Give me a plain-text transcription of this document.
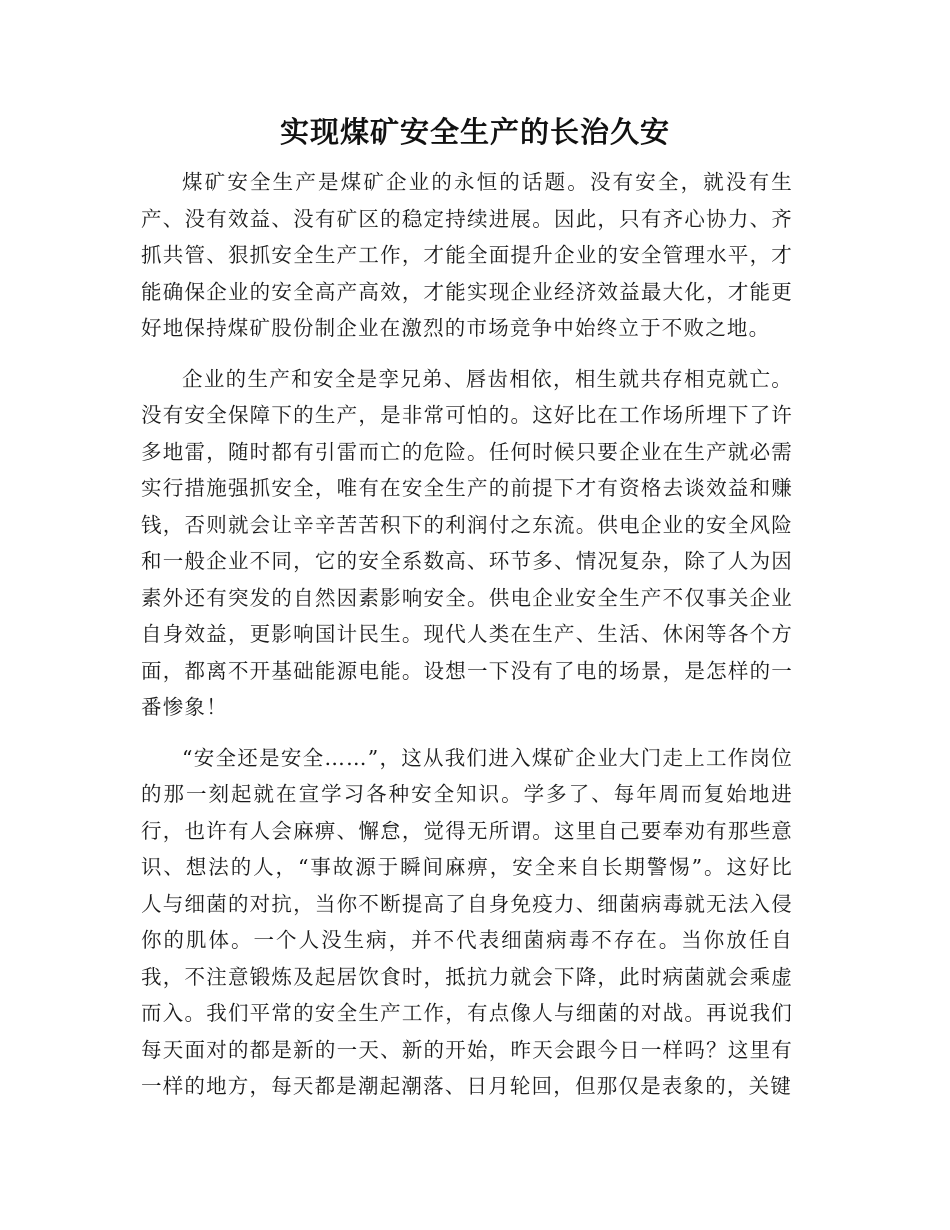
实现煤矿安全生产的长治久安

煤矿安全生产是煤矿企业的永恒的话题。没有安全，就没有生产、没有效益、没有矿区的稳定持续进展。因此，只有齐心协力、齐抓共管、狠抓安全生产工作，才能全面提升企业的安全管理水平，才能确保企业的安全高产高效，才能实现企业经济效益最大化，才能更好地保持煤矿股份制企业在激烈的市场竞争中始终立于不败之地。

企业的生产和安全是孪兄弟、唇齿相依，相生就共存相克就亡。没有安全保障下的生产，是非常可怕的。这好比在工作场所埋下了许多地雷，随时都有引雷而亡的危险。任何时候只要企业在生产就必需实行措施强抓安全，唯有在安全生产的前提下才有资格去谈效益和赚钱，否则就会让辛辛苦苦积下的利润付之东流。供电企业的安全风险和一般企业不同，它的安全系数高、环节多、情况复杂，除了人为因素外还有突发的自然因素影响安全。供电企业安全生产不仅事关企业自身效益，更影响国计民生。现代人类在生产、生活、休闲等各个方面，都离不开基础能源电能。设想一下没有了电的场景，是怎样的一番惨象！

“安全还是安全……”，这从我们进入煤矿企业大门走上工作岗位的那一刻起就在宣学习各种安全知识。学多了、每年周而复始地进行，也许有人会麻痹、懈怠，觉得无所谓。这里自己要奉劝有那些意识、想法的人，“事故源于瞬间麻痹，安全来自长期警惕”。这好比人与细菌的对抗，当你不断提高了自身免疫力、细菌病毒就无法入侵你的肌体。一个人没生病，并不代表细菌病毒不存在。当你放任自我，不注意锻炼及起居饮食时，抵抗力就会下降，此时病菌就会乘虚而入。我们平常的安全生产工作，有点像人与细菌的对战。再说我们每天面对的都是新的一天、新的开始，昨天会跟今日一样吗？这里有一样的地方，每天都是潮起潮落、日月轮回，但那仅是表象的，关键
